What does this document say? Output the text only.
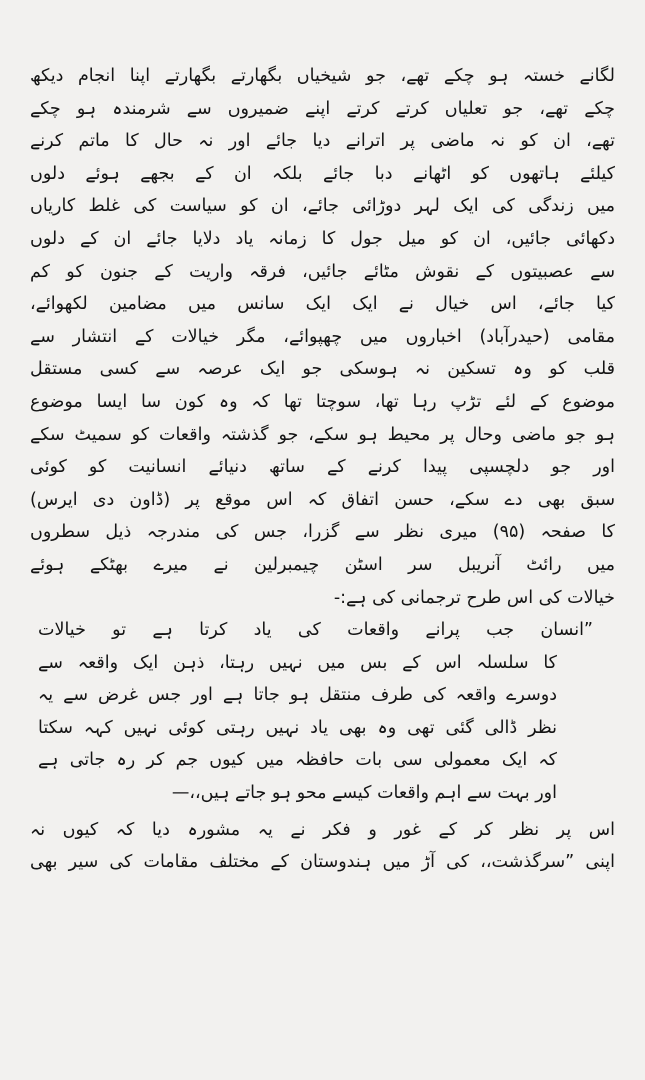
لگانے خستہ ہو چکے تھے، جو شیخیاں بگھارتے بگھارتے اپنا انجام دیکھ
چکے تھے، جو تعلیاں کرتے کرتے اپنے ضمیروں سے شرمندہ ہو چکے
تھے، ان کو نہ ماضی پر اترانے دیا جائے اور نہ حال کا ماتم کرنے
کیلئے ہاتھوں کو اٹھانے دبا جائے بلکہ ان کے بجھے ہوئے دلوں
میں زندگی کی ایک لہر دوڑائی جائے، ان کو سیاست کی غلط کاریاں
دکھائی جائیں، ان کو میل جول کا زمانہ یاد دلایا جائے ان کے دلوں
سے عصبیتوں کے نقوش مٹائے جائیں، فرقہ واریت کے جنون کو کم
کیا جائے، اس خیال نے ایک ایک سانس میں مضامین لکھوائے،
مقامی (حیدرآباد) اخباروں میں چھپوائے، مگر خیالات کے انتشار سے
قلب کو وہ تسکین نہ ہوسکی جو ایک عرصہ سے کسی مستقل
موضوع کے لئے تڑپ رہا تھا، سوچتا تھا کہ وہ کون سا ایسا موضوع
ہو جو ماضی وحال پر محیط ہو سکے، جو گذشتہ واقعات کو سمیٹ سکے
اور جو دلچسپی پیدا کرنے کے ساتھ دنیائے انسانیت کو کوئی
سبق بھی دے سکے، حسن اتفاق کہ اس موقع پر (ڈاون دی ایرس)
کا صفحہ (۹۵) میری نظر سے گزرا، جس کی مندرجہ ذیل سطروں
میں رائٹ آنریبل سر اسٹن چیمبرلین نے میرے بھٹکے ہوئے
خیالات کی اس طرح ترجمانی کی ہے:-
”انسان جب پرانے واقعات کی یاد کرتا ہے تو خیالات
کا سلسلہ اس کے بس میں نہیں رہتا، ذہن ایک واقعہ سے
دوسرے واقعہ کی طرف منتقل ہو جاتا ہے اور جس غرض سے یہ
نظر ڈالی گئی تھی وہ بھی یاد نہیں رہتی کوئی نہیں کہہ سکتا
کہ ایک معمولی سی بات حافظہ میں کیوں جم کر رہ جاتی ہے
اور بہت سے اہم واقعات کیسے محو ہو جاتے ہیں،،—
اس پر نظر کر کے غور و فکر نے یہ مشورہ دیا کہ کیوں نہ
اپنی ”سرگذشت،، کی آڑ میں ہندوستان کے مختلف مقامات کی سیر بھی
